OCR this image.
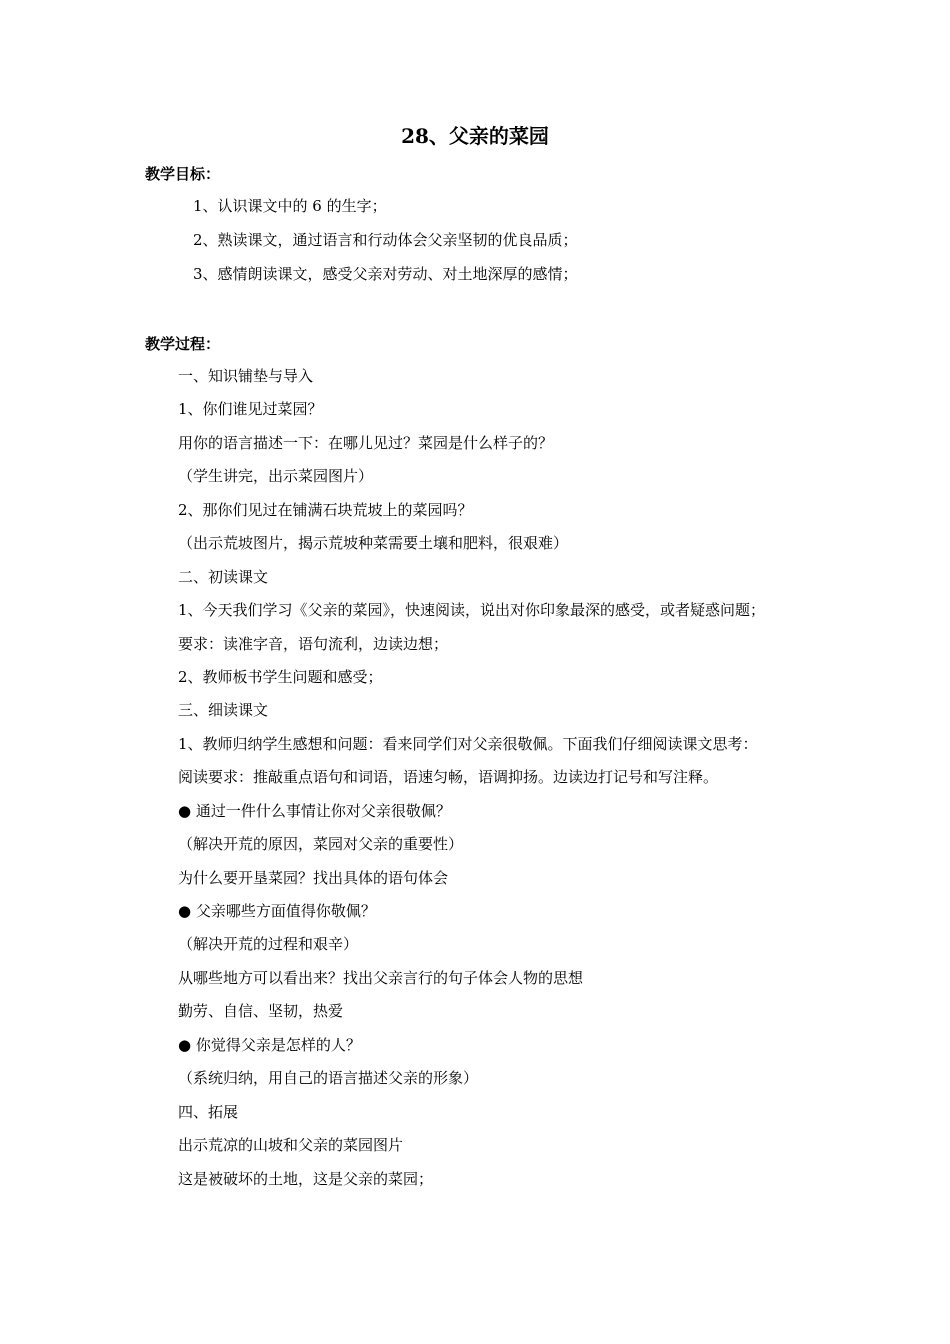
28、父亲的菜园
教学目标：
1、认识课文中的 6 的生字；
2、熟读课文，通过语言和行动体会父亲坚韧的优良品质；
3、感情朗读课文，感受父亲对劳动、对土地深厚的感情；
教学过程：
一、知识铺垫与导入
1、你们谁见过菜园？
用你的语言描述一下：在哪儿见过？菜园是什么样子的？
（学生讲完，出示菜园图片）
2、那你们见过在铺满石块荒坡上的菜园吗？
（出示荒坡图片，揭示荒坡种菜需要土壤和肥料，很艰难）
二、初读课文
1、今天我们学习《父亲的菜园》，快速阅读，说出对你印象最深的感受，或者疑惑问题；
要求：读准字音，语句流利，边读边想；
2、教师板书学生问题和感受；
三、细读课文
1、教师归纳学生感想和问题：看来同学们对父亲很敬佩。下面我们仔细阅读课文思考：
阅读要求：推敲重点语句和词语，语速匀畅，语调抑扬。边读边打记号和写注释。
● 通过一件什么事情让你对父亲很敬佩？
（解决开荒的原因，菜园对父亲的重要性）
为什么要开垦菜园？找出具体的语句体会
● 父亲哪些方面值得你敬佩？
（解决开荒的过程和艰辛）
从哪些地方可以看出来？找出父亲言行的句子体会人物的思想
勤劳、自信、坚韧，热爱
● 你觉得父亲是怎样的人？
（系统归纳，用自己的语言描述父亲的形象）
四、拓展
出示荒凉的山坡和父亲的菜园图片
这是被破坏的土地，这是父亲的菜园；
